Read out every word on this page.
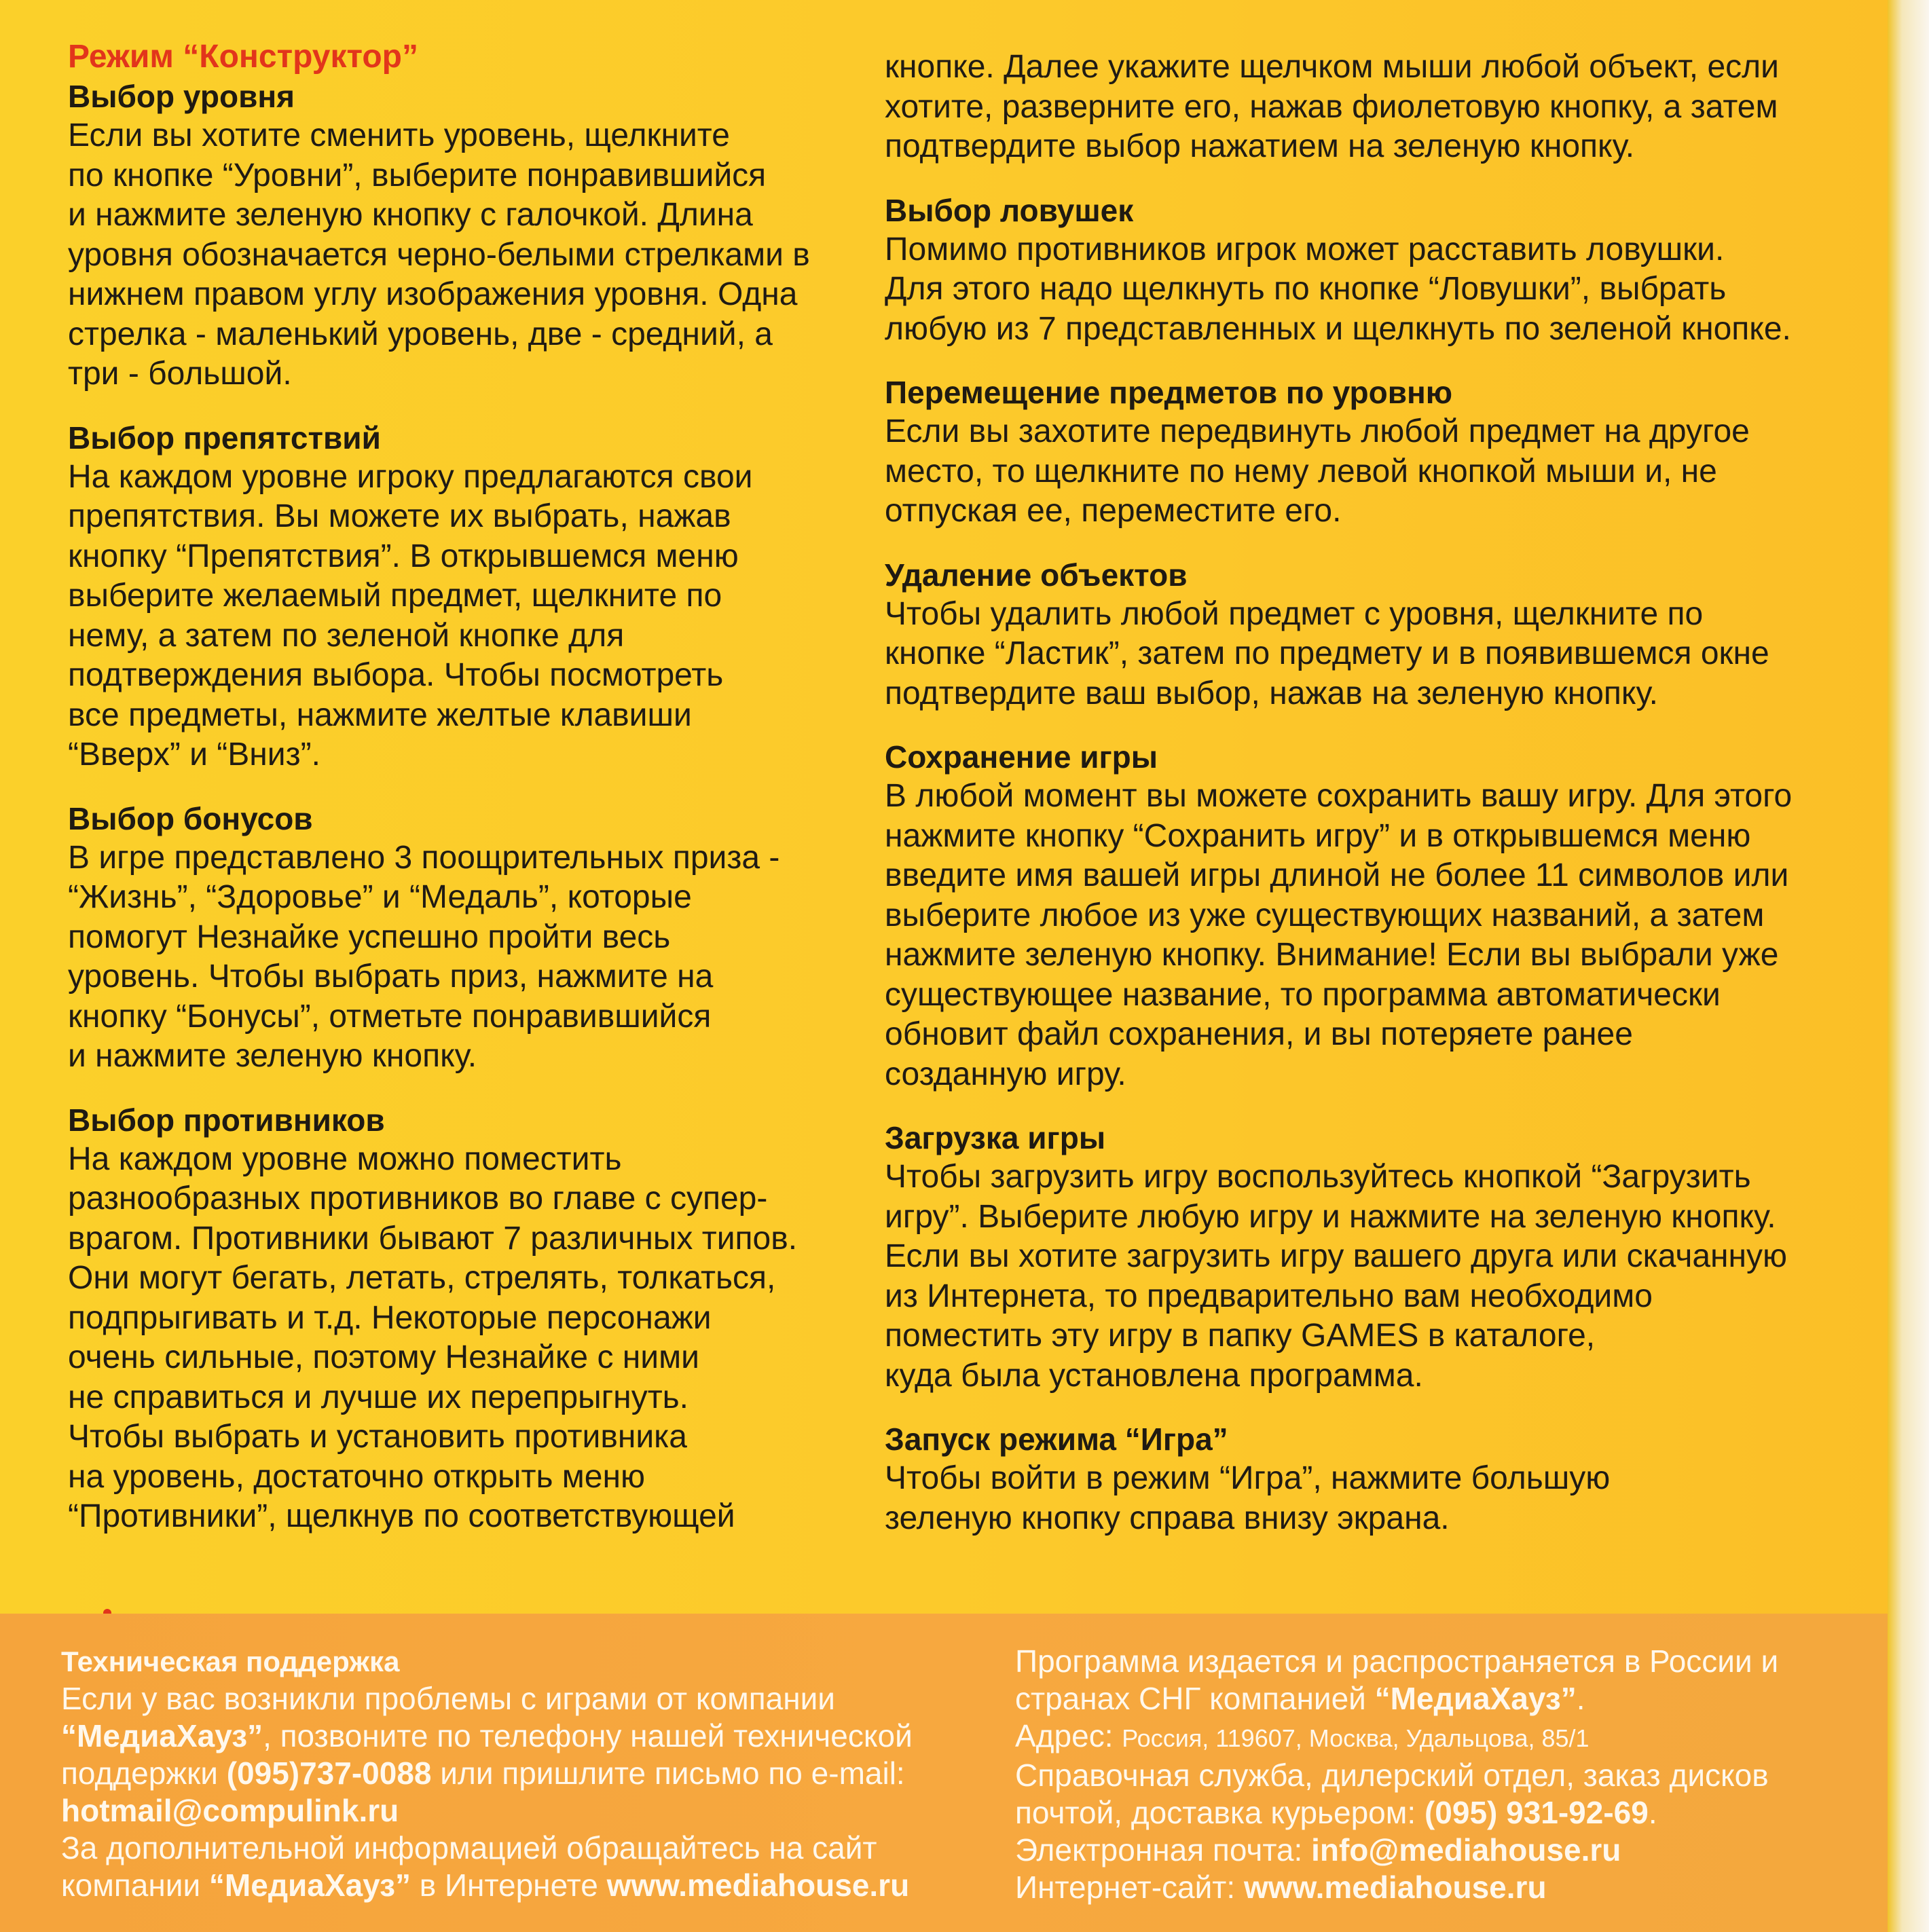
Режим “Конструктор”

Выбор уровня

Если вы хотите сменить уровень, щелкните
по кнопке “Уровни”, выберите понравившийся
и нажмите зеленую кнопку с галочкой. Длина
уровня обозначается черно-белыми стрелками в
нижнем правом углу изображения уровня. Одна
стрелка - маленький уровень, две - средний, а
три - большой.

Выбор препятствий

На каждом уровне игроку предлагаются свои
препятствия. Вы можете их выбрать, нажав
кнопку “Препятствия”. В открывшемся меню
выберите желаемый предмет, щелкните по
нему, а затем по зеленой кнопке для
подтверждения выбора. Чтобы посмотреть
все предметы, нажмите желтые клавиши
“Вверх” и “Вниз”.

Выбор бонусов

В игре представлено 3 поощрительных приза -
“Жизнь”, “Здоровье” и “Медаль”, которые
помогут Незнайке успешно пройти весь
уровень. Чтобы выбрать приз, нажмите на
кнопку “Бонусы”, отметьте понравившийся
и нажмите зеленую кнопку.

Выбор противников

На каждом уровне можно поместить
разнообразных противников во главе с супер-
врагом. Противники бывают 7 различных типов.
Они могут бегать, летать, стрелять, толкаться,
подпрыгивать и т.д. Некоторые персонажи
очень сильные, поэтому Незнайке с ними
не справиться и лучше их перепрыгнуть.
Чтобы выбрать и установить противника
на уровень, достаточно открыть меню
“Противники”, щелкнув по соответствующей

кнопке. Далее укажите щелчком мыши любой объект, если
хотите, разверните его, нажав фиолетовую кнопку, а затем
подтвердите выбор нажатием на зеленую кнопку.

Выбор ловушек

Помимо противников игрок может расставить ловушки.
Для этого надо щелкнуть по кнопке “Ловушки”, выбрать
любую из 7 представленных и щелкнуть по зеленой кнопке.

Перемещение предметов по уровню

Если вы захотите передвинуть любой предмет на другое
место, то щелкните по нему левой кнопкой мыши и, не
отпуская ее, переместите его.

Удаление объектов

Чтобы удалить любой предмет с уровня, щелкните по
кнопке “Ластик”, затем по предмету и в появившемся окне
подтвердите ваш выбор, нажав на зеленую кнопку.

Сохранение игры

В любой момент вы можете сохранить вашу игру. Для этого
нажмите кнопку “Сохранить игру” и в открывшемся меню
введите имя вашей игры длиной не более 11 символов или
выберите любое из уже существующих названий, а затем
нажмите зеленую кнопку. Внимание! Если вы выбрали уже
существующее название, то программа автоматически
обновит файл сохранения, и вы потеряете ранее
созданную игру.

Загрузка игры

Чтобы загрузить игру воспользуйтесь кнопкой “Загрузить
игру”. Выберите любую игру и нажмите на зеленую кнопку.
Если вы хотите загрузить игру вашего друга или скачанную
из Интернета, то предварительно вам необходимо
поместить эту игру в папку GAMES в каталоге,
куда была установлена программа.

Запуск режима “Игра”

Чтобы войти в режим “Игра”, нажмите большую
зеленую кнопку справа внизу экрана.

Техническая поддержка

Если у вас возникли проблемы с играми от компании

“МедиаХауз”, позвоните по телефону нашей технической

поддержки (095)737-0088 или пришлите письмо по e-mail:

hotmail@compulink.ru

За дополнительной информацией обращайтесь на сайт

компании “МедиаХауз” в Интернете www.mediahouse.ru

Программа издается и распространяется в России и

странах СНГ компанией “МедиаХауз”.

Адрес: Россия, 119607, Москва, Удальцова, 85/1

Справочная служба, дилерский отдел, заказ дисков

почтой, доставка курьером: (095) 931-92-69.

Электронная почта: info@mediahouse.ru

Интернет-сайт: www.mediahouse.ru
